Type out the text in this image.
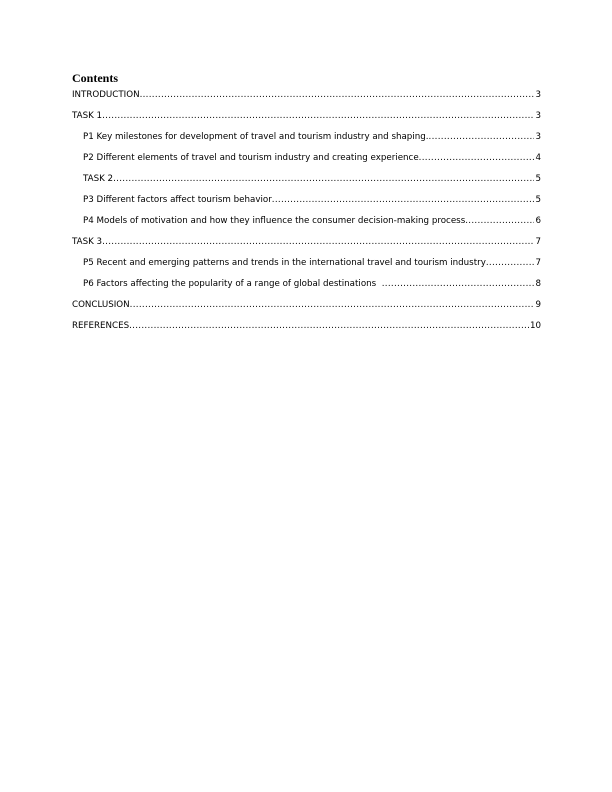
Contents
INTRODUCTION .....	3
TASK 1 .....	3
P1 Key milestones for development of travel and tourism industry and shaping. .....	3
P2 Different elements of travel and tourism industry and creating experience .....	4
TASK 2 .....	5
P3 Different factors affect tourism behavior .....	5
P4 Models of motivation and how they influence the consumer decision-making process .....	6
TASK 3 .....	7
P5 Recent and emerging patterns and trends in the international travel and tourism industry .....	7
P6 Factors affecting the popularity of a range of global destinations .....	8
CONCLUSION .....	9
REFERENCES .....	10
